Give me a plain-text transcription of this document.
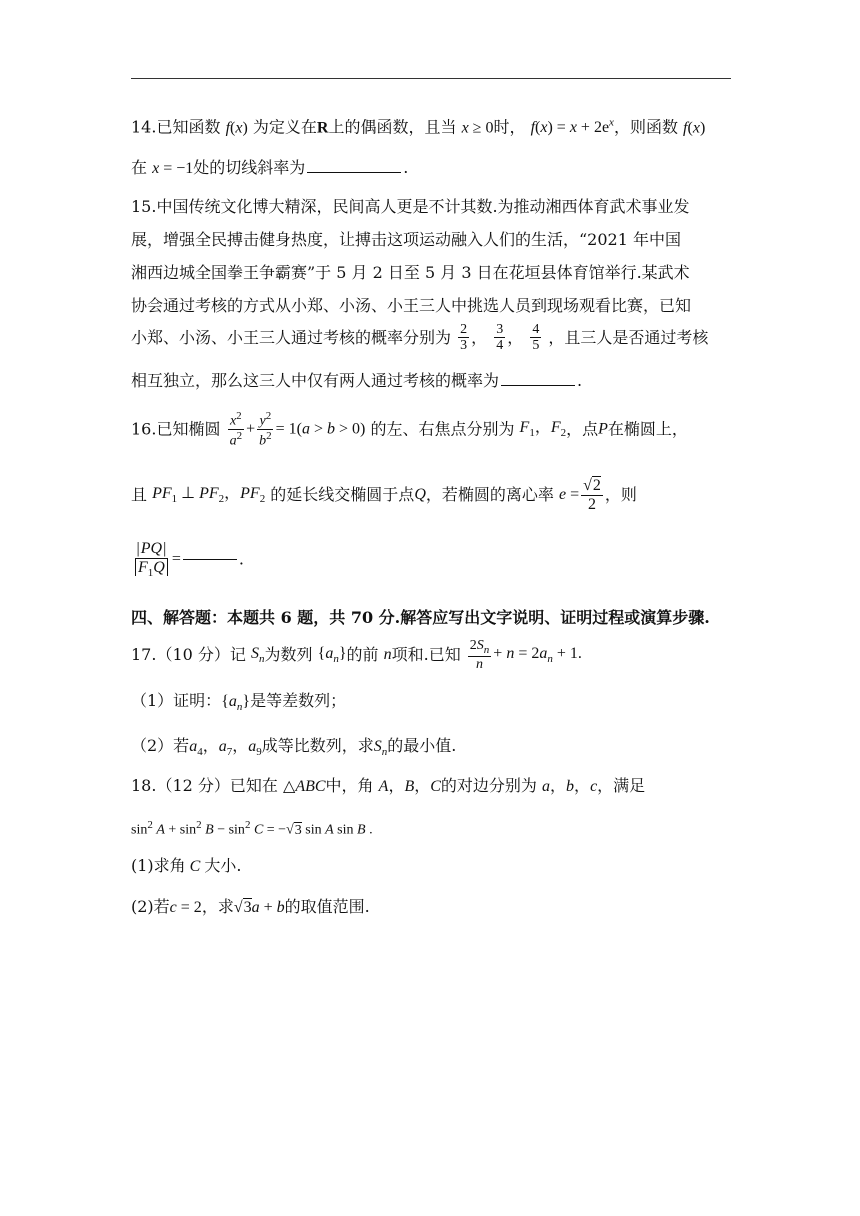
14.已知函数 f(x) 为定义在R上的偶函数，且当 x ≥ 0时， $f(x) = x + 2e^x$，则函数 f(x)
在 x = −1处的切线斜率为	.
15.中国传统文化博大精深，民间高人更是不计其数.为推动湘西体育武术事业发
展，增强全民搏击健身热度，让搏击这项运动融入人们的生活，“2021 年中国
湘西边城全国拳王争霸赛”于 5 月 2 日至 5 月 3 日在花垣县体育馆举行.某武术
协会通过考核的方式从小郑、小汤、小王三人中挑选人员到现场观看比赛，已知
小郑、小汤、小王三人通过考核的概率分别为 $\frac{2}{3}$ ， $\frac{3}{4}$ ， $\frac{4}{5}$ ，且三人是否通过考核
相互独立，那么这三人中仅有两人通过考核的概率为	.
16.已知椭圆 $\frac{x^2}{a^2} + \frac{y^2}{b^2} = 1(a > b > 0)$ 的左、右焦点分别为 $F_1$，$F_2$，点P在椭圆上，
且 $PF_1$ ⊥ $PF_2$，$PF_2$ 的延长线交椭圆于点Q，若椭圆的离心率 $e = \frac{√2}{2}$ ，则
$\frac{|PQ|}{F_1Q}$ =	.
四、解答题：本题共 6 题，共 70 分.解答应写出文字说明、证明过程或演算步骤.
17.（10 分）记 $S_n$为数列 $\{a_n\}$的前 n项和.已知 $\frac{2S_n}{n} + n = 2a_n + 1$.
（1）证明：$\{a_n\}$是等差数列；
（2）若$a_4$，$a_7$，$a_9$成等比数列，求$S_n$的最小值.
18.（12 分）已知在 △ABC中，角 A，B，C的对边分别为 a，b，c，满足
$\sin^2 A + \sin^2 B - \sin^2 C = -√3$ sin A sin B .
(1)求角 C 大小.
(2)若c = 2，求√3a + b的取值范围.
